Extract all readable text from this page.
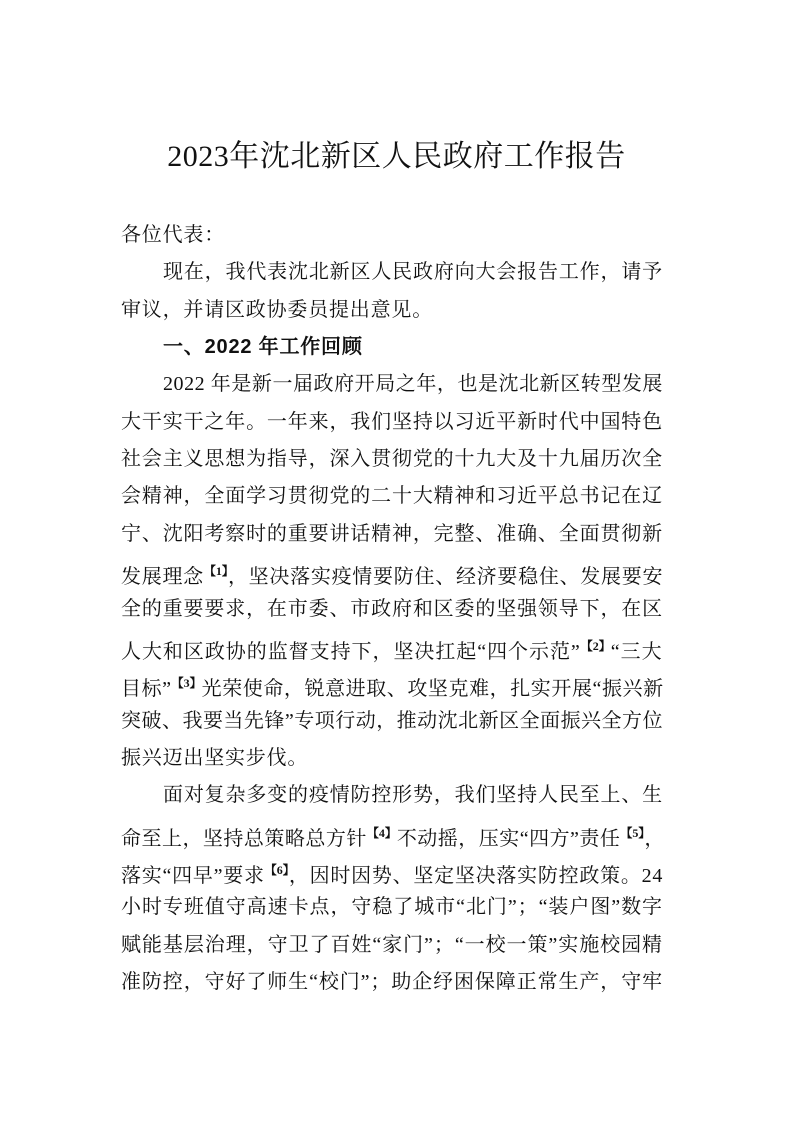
2023年沈北新区人民政府工作报告
各位代表：
现在，我代表沈北新区人民政府向大会报告工作，请予
审议，并请区政协委员提出意见。
一、2022 年工作回顾
2022 年是新一届政府开局之年，也是沈北新区转型发展
大干实干之年。一年来，我们坚持以习近平新时代中国特色
社会主义思想为指导，深入贯彻党的十九大及十九届历次全
会精神，全面学习贯彻党的二十大精神和习近平总书记在辽
宁、沈阳考察时的重要讲话精神，完整、准确、全面贯彻新
发展理念$^{【1】}$，坚决落实疫情要防住、经济要稳住、发展要安
全的重要要求，在市委、市政府和区委的坚强领导下，在区
人大和区政协的监督支持下，坚决扛起“四个示范”$^{【2】}$“三大
目标”$^{【3】}$光荣使命，锐意进取、攻坚克难，扎实开展“振兴新
突破、我要当先锋”专项行动，推动沈北新区全面振兴全方位
振兴迈出坚实步伐。
面对复杂多变的疫情防控形势，我们坚持人民至上、生
命至上，坚持总策略总方针$^{【4】}$不动摇，压实“四方”责任$^{【5】}$，
落实“四早”要求$^{【6】}$，因时因势、坚定坚决落实防控政策。24
小时专班值守高速卡点，守稳了城市“北门”；“装户图”数字
赋能基层治理，守卫了百姓“家门”；“一校一策”实施校园精
准防控，守好了师生“校门”；助企纾困保障正常生产，守牢
